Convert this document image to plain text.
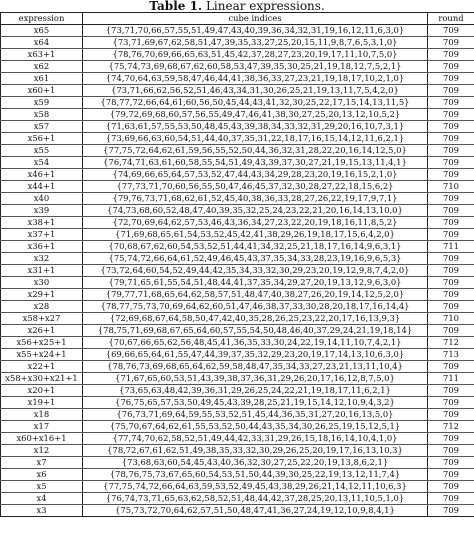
Table 1. Linear expressions.
expression	cube indices	round
x65	{73,71,70,66,57,55,51,49,47,43,40,39,36,34,32,31,19,16,12,11,6,3,0}	709
x64	{73,71,69,67,62,58,51,47,39,35,33,27,25,20,15,11,9,8,7,6,5,3,1,0}	709
x63+1	{78,76,70,69,66,65,63,51,45,42,37,28,27,23,20,19,17,11,10,7,5,0}	709
x62	{75,74,73,69,68,67,62,60,58,53,47,39,35,30,25,21,19,18,12,7,5,2,1}	709
x61	{74,70,64,63,59,58,47,46,44,41,38,36,33,27,23,21,19,18,17,10,2,1,0}	709
x60+1	{73,71,66,62,56,52,51,46,43,34,31,30,26,25,21,19,13,11,7,5,4,2,0}	709
x59	{78,77,72,66,64,61,60,56,50,45,44,43,41,32,30,25,22,17,15,14,13,11,5}	709
x58	{79,72,69,68,60,57,56,55,49,47,46,41,38,30,27,25,20,13,12,10,5,2}	709
x57	{71,63,61,57,55,53,50,48,45,43,39,38,34,33,32,31,29,20,16,10,7,3,1}	709
x56+1	{73,69,66,63,60,54,51,44,40,37,35,31,22,18,17,16,15,14,12,11,6,2,1}	709
x55	{77,75,72,64,62,61,59,56,55,52,50,44,36,32,31,28,22,20,16,14,12,5,0}	709
x54	{76,74,71,63,61,60,58,55,54,51,49,43,39,37,30,27,21,19,15,13,11,4,1}	709
x46+1	{74,69,66,65,64,57,53,52,47,44,43,34,29,28,23,20,19,16,15,2,1,0}	709
x44+1	{77,73,71,70,60,56,55,50,47,46,45,37,32,30,28,27,22,18,15,6,2}	710
x40	{79,76,73,71,68,62,61,52,45,40,38,36,33,28,27,26,22,19,17,9,7,1}	709
x39	{74,73,68,60,52,48,47,40,39,35,32,25,24,23,22,21,20,16,14,13,10,0}	709
x38+1	{72,70,69,64,62,57,53,46,43,36,34,27,23,22,20,19,18,16,11,8,5,2}	709
x37+1	{71,69,68,65,61,54,53,52,45,42,41,38,29,26,19,18,17,15,6,4,2,0}	709
x36+1	{70,68,67,62,60,54,53,52,51,44,41,34,32,25,21,18,17,16,14,9,6,3,1}	711
x32	{75,74,72,66,64,61,52,49,46,45,43,37,35,34,33,28,23,19,16,9,6,5,3}	709
x31+1	{73,72,64,60,54,52,49,44,42,35,34,33,32,30,29,23,20,19,12,9,8,7,4,2,0}	709
x30	{79,71,65,61,55,54,51,48,44,41,37,35,34,29,27,20,19,13,12,9,6,3,0}	709
x29+1	{79,77,71,68,65,64,62,58,57,51,48,47,40,38,27,26,20,19,14,12,5,2,0}	709
x28	{78,77,75,73,70,69,64,62,60,51,47,46,38,37,33,30,28,20,18,17,16,14,4}	709
x58+x27	{72,69,68,67,64,58,50,47,42,40,35,28,26,25,23,22,20,17,16,13,9,3}	710
x26+1	{78,75,71,69,68,67,65,64,60,57,55,54,50,48,46,40,37,29,24,21,19,18,14}	709
x56+x25+1	{70,67,66,65,62,56,48,45,41,36,35,33,30,24,22,19,14,11,10,7,4,2,1}	712
x55+x24+1	{69,66,65,64,61,55,47,44,39,37,35,32,29,23,20,19,17,14,13,10,6,3,0}	713
x22+1	{78,76,73,69,68,65,64,62,59,58,48,47,35,34,33,27,23,21,13,11,10,4}	709
x58+x30+x21+1	{71,67,65,60,53,51,43,39,38,37,36,31,29,26,20,17,16,12,8,7,5,0}	711
x20+1	{73,65,63,48,42,39,36,31,29,26,25,24,22,21,19,18,17,11,6,2,1}	709
x19+1	{76,75,65,57,53,50,49,45,43,39,28,25,21,19,15,14,12,10,9,4,3,2}	709
x18	{76,73,71,69,64,59,55,53,52,51,45,44,36,35,31,27,20,16,13,5,0}	709
x17	{75,70,67,64,62,61,55,53,52,50,44,43,35,34,30,26,25,19,15,12,5,1}	712
x60+x16+1	{77,74,70,62,58,52,51,49,44,42,33,31,29,26,15,18,16,14,10,4,1,0}	709
x12	{78,72,67,61,62,51,49,38,35,33,32,30,29,26,25,20,19,17,16,13,10,3}	709
x7	{73,68,63,60,54,45,43,40,36,32,30,27,25,22,20,19,13,8,6,2,1}	709
x6	{78,76,75,73,67,65,60,54,53,51,50,44,39,30,25,22,19,13,12,11,7,4}	709
x5	{77,75,74,72,66,64,63,59,53,52,49,45,43,38,29,26,21,14,12,11,10,6,3}	709
x4	{76,74,73,71,65,63,62,58,52,51,48,44,42,37,28,25,20,13,11,10,5,1,0}	709
x3	{75,73,72,70,64,62,57,51,50,48,47,41,36,27,24,19,12,10,9,8,4,1}	709
